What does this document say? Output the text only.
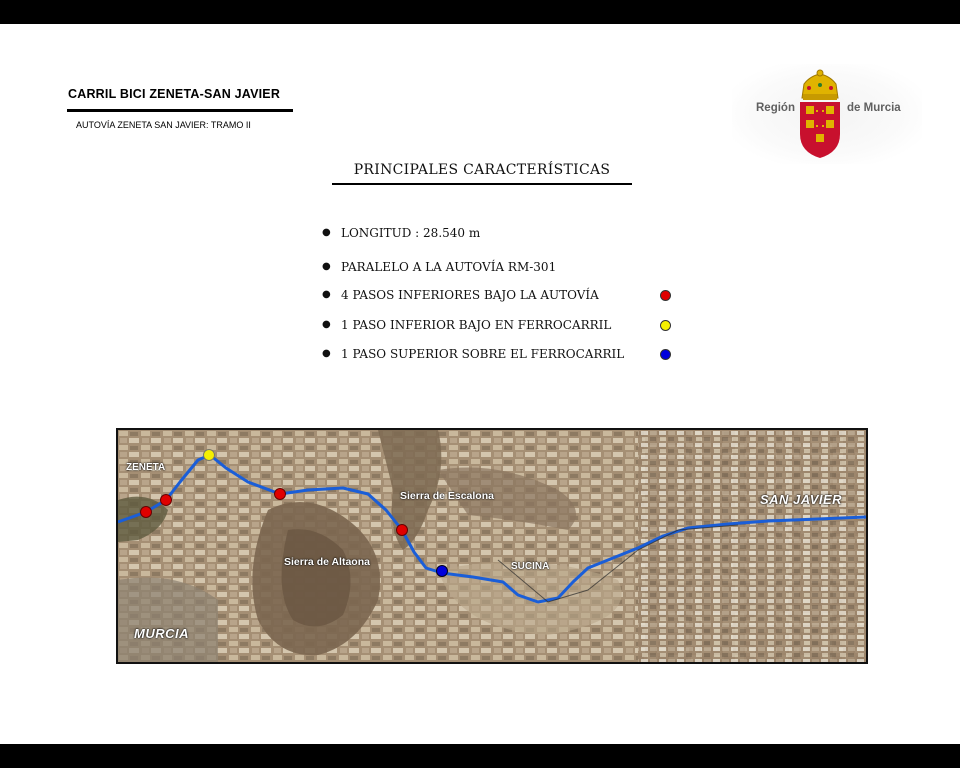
CARRIL BICI ZENETA-SAN JAVIER
AUTOVÍA ZENETA SAN JAVIER: TRAMO II
Región	de Murcia
PRINCIPALES CARACTERÍSTICAS
● LONGITUD : 28.540 m
● PARALELO A LA AUTOVÍA RM-301
● 4 PASOS INFERIORES BAJO LA AUTOVÍA
● 1 PASO INFERIOR BAJO EN FERROCARRIL
● 1 PASO SUPERIOR SOBRE EL FERROCARRIL
ZENETA
SAN JAVIER
Sierra de Escalona
Sierra de Altaona	SUCINA
MURCIA
